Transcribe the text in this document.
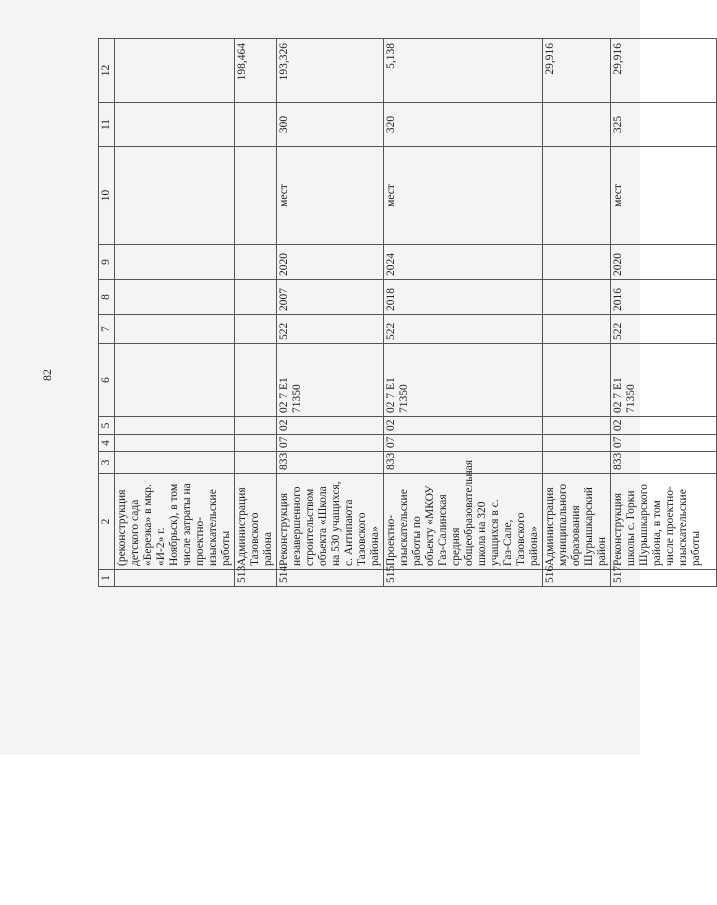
82
1	2	3	4	5	6	7	8	9	10	11	12
	(реконструкция детского сада «Березка» в мкр. «И-2» г. Ноябрьск), в том числе затраты на проектно-изыскательские работы										
513	Администрация Тазовского района										198,464
514	Реконструкция незавершенного строительством объекта «Школа на 530 учащихся, с. Антипаюта Тазовского района»	833	07	02	02 7 E1 71350	522	2007	2020	мест	300	193,326
515	Проектно-изыскательские работы по объекту «МКОУ Газ-Салинская средняя общеобразовательная школа на 320 учащихся в с. Газ-Сале, Тазовского района»	833	07	02	02 7 E1 71350	522	2018	2024	мест	320	5,138
516	Администрация муниципального образования Шурышкарский район										29,916
517	Реконструкция школы с. Горки Шурышкарского района, в том числе проектно-изыскательские работы	833	07	02	02 7 E1 71350	522	2016	2020	мест	325	29,916
